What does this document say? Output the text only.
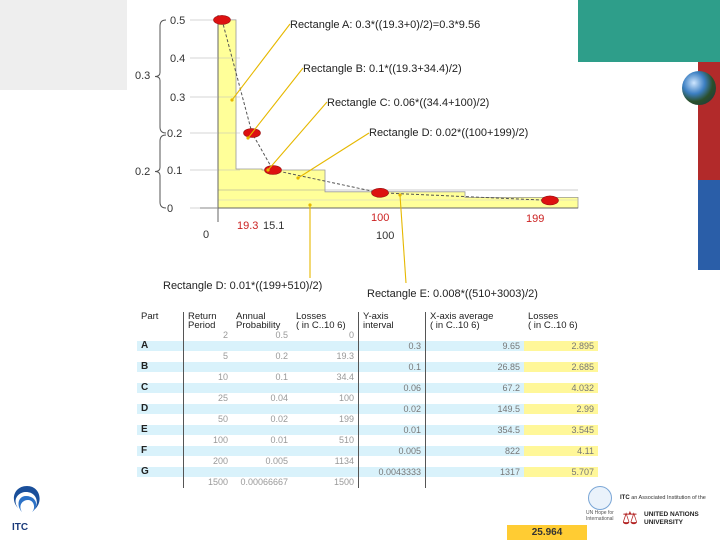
0.5
0.4
0.3
0.2
0.1
0
0
19.3 15.1
100
100
199
0.3
0.2
Rectangle A: 0.3*((19.3+0)/2)=0.3*9.56
Rectangle B: 0.1*((19.3+34.4)/2)
Rectangle C: 0.06*((34.4+100)/2)
Rectangle D: 0.02*((100+199)/2)
Rectangle D: 0.01*((199+510)/2)
Rectangle E: 0.008*((510+3003)/2)
Part	Return	Annual	Losses	Y-axis	X-axis average	Losses
	Period	Probability	( in C..10 6)	interval	( in C..10 6)	( in C..10 6)
	2	0.5	0			
A				0.3	9.65	2.895
	5	0.2	19.3			
B				0.1	26.85	2.685
	10	0.1	34.4			
C				0.06	67.2	4.032
	25	0.04	100			
D				0.02	149.5	2.99
	50	0.02	199			
E				0.01	354.5	3.545
	100	0.01	510			
F				0.005	822	4.11
	200	0.005	1134			
G				0.0043333	1317	5.707
	1500	0.00066667	1500			
25.964
ITC
UN Hope for International
ITC an Associated Institution of the
⚖ UNITED NATIONS
UNIVERSITY
